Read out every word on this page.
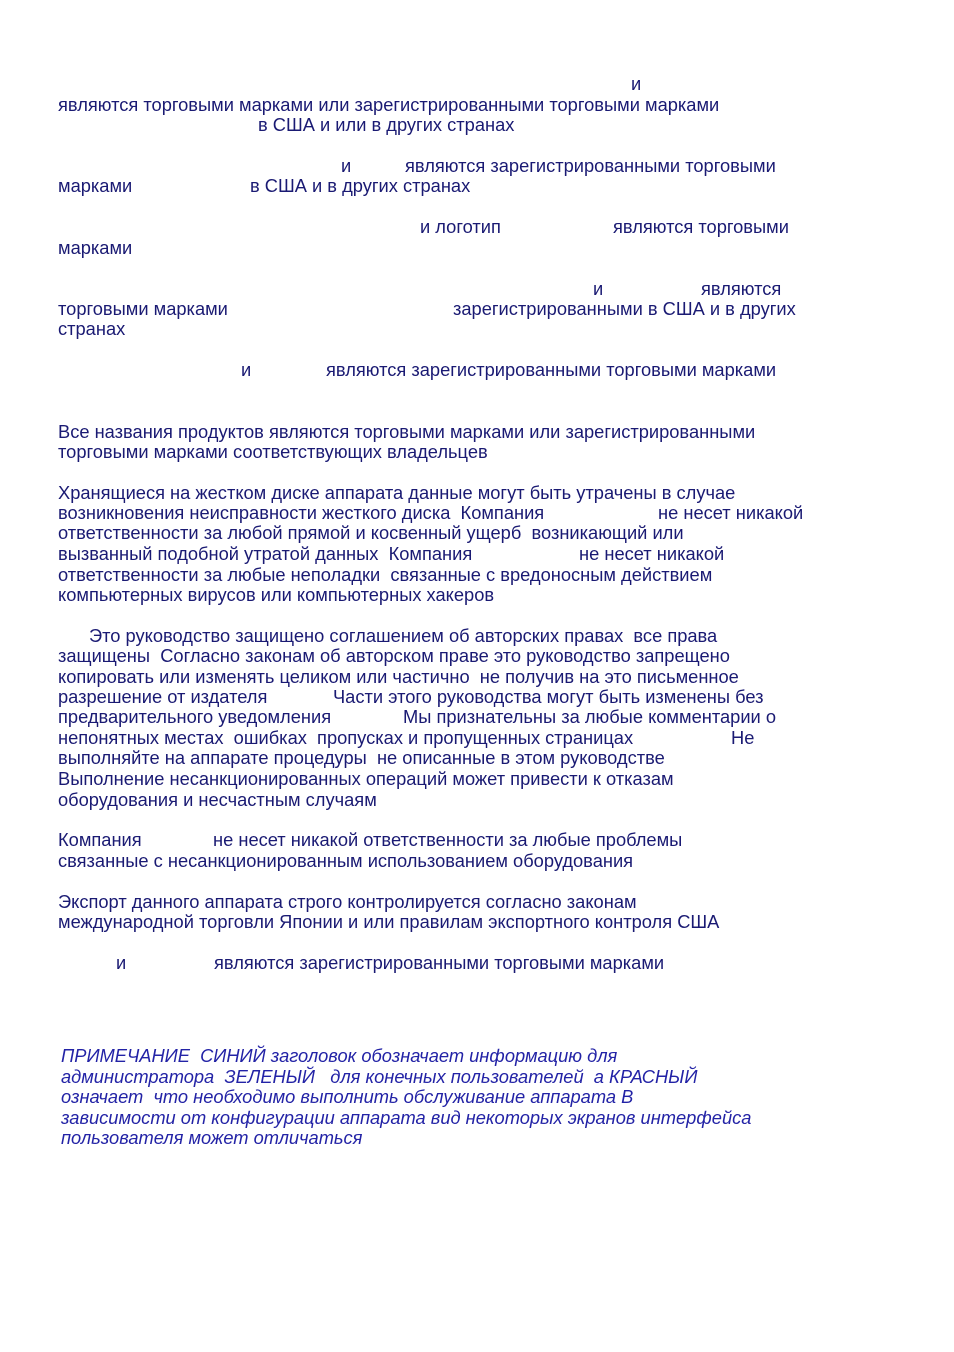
и
являются торговыми марками или зарегистрированными торговыми марками
в США и или в других странах
и	являются зарегистрированными торговыми
марками	в США и в других странах
и логотип	являются торговыми
марками
и	являются
торговыми марками	зарегистрированными в США и в других
странах
и	являются зарегистрированными торговыми марками
Все названия продуктов являются торговыми марками или зарегистрированными
торговыми марками соответствующих владельцев
Хранящиеся на жестком диске аппарата данные могут быть утрачены в случае
возникновения неисправности жесткого диска  Компания	не несет никакой
ответственности за любой прямой и косвенный ущерб  возникающий или
вызванный подобной утратой данных  Компания	не несет никакой
ответственности за любые неполадки  связанные с вредоносным действием
компьютерных вирусов или компьютерных хакеров
Это руководство защищено соглашением об авторских правах  все права
защищены  Согласно законам об авторском праве это руководство запрещено
копировать или изменять целиком или частично  не получив на это письменное
разрешение от издателя	Части этого руководства могут быть изменены без
предварительного уведомления	Мы признательны за любые комментарии о
непонятных местах  ошибках  пропусках и пропущенных страницах	Не
выполняйте на аппарате процедуры  не описанные в этом руководстве
Выполнение несанкционированных операций может привести к отказам
оборудования и несчастным случаям
Компания	не несет никакой ответственности за любые проблемы
связанные с несанкционированным использованием оборудования
Экспорт данного аппарата строго контролируется согласно законам
международной торговли Японии и или правилам экспортного контроля США
и	являются зарегистрированными торговыми марками
ПРИМЕЧАНИЕ  СИНИЙ заголовок обозначает информацию для
администратора  ЗЕЛЕНЫЙ   для конечных пользователей  а КРАСНЫЙ
означает  что необходимо выполнить обслуживание аппарата В
зависимости от конфигурации аппарата вид некоторых экранов интерфейса
пользователя может отличаться
